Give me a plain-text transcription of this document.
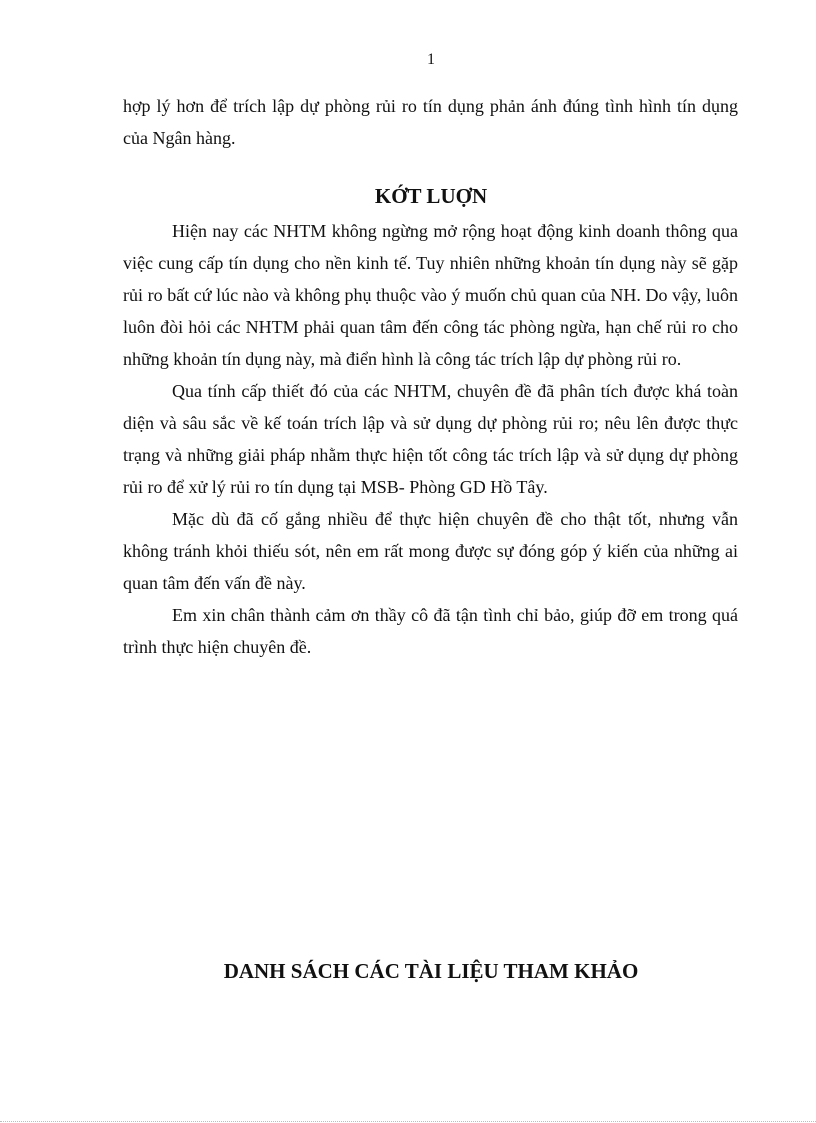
1

hợp lý hơn để trích lập dự phòng rủi ro tín dụng phản ánh đúng tình hình tín dụng của Ngân hàng.

KỚT LUỢN

Hiện nay các NHTM không ngừng mở rộng hoạt động kinh doanh thông qua việc cung cấp tín dụng cho nền kinh tế. Tuy nhiên những khoản tín dụng này sẽ gặp rủi ro bất cứ lúc nào và không phụ thuộc vào ý muốn chủ quan của NH. Do vậy, luôn luôn đòi hỏi các NHTM phải quan tâm đến công tác phòng ngừa, hạn chế rủi ro cho những khoản tín dụng này, mà điển hình là công tác trích lập dự phòng rủi ro.

Qua tính cấp thiết đó của các NHTM, chuyên đề đã phân tích được khá toàn diện và sâu sắc về kế toán trích lập và sử dụng dự phòng rủi ro; nêu lên được thực trạng và những giải pháp nhằm thực hiện tốt công tác trích lập và sử dụng dự phòng rủi ro để xử lý rủi ro tín dụng tại MSB- Phòng GD Hồ Tây.

Mặc dù đã cố gắng nhiều để thực hiện chuyên đề cho thật tốt, nhưng vẫn không tránh khỏi thiếu sót, nên em rất mong được sự đóng góp ý kiến của những ai quan tâm đến vấn đề này.

Em xin chân thành cảm ơn thầy cô đã tận tình chỉ bảo, giúp đỡ em trong quá trình thực hiện chuyên đề.

DANH SÁCH CÁC TÀI LIỆU THAM KHẢO
